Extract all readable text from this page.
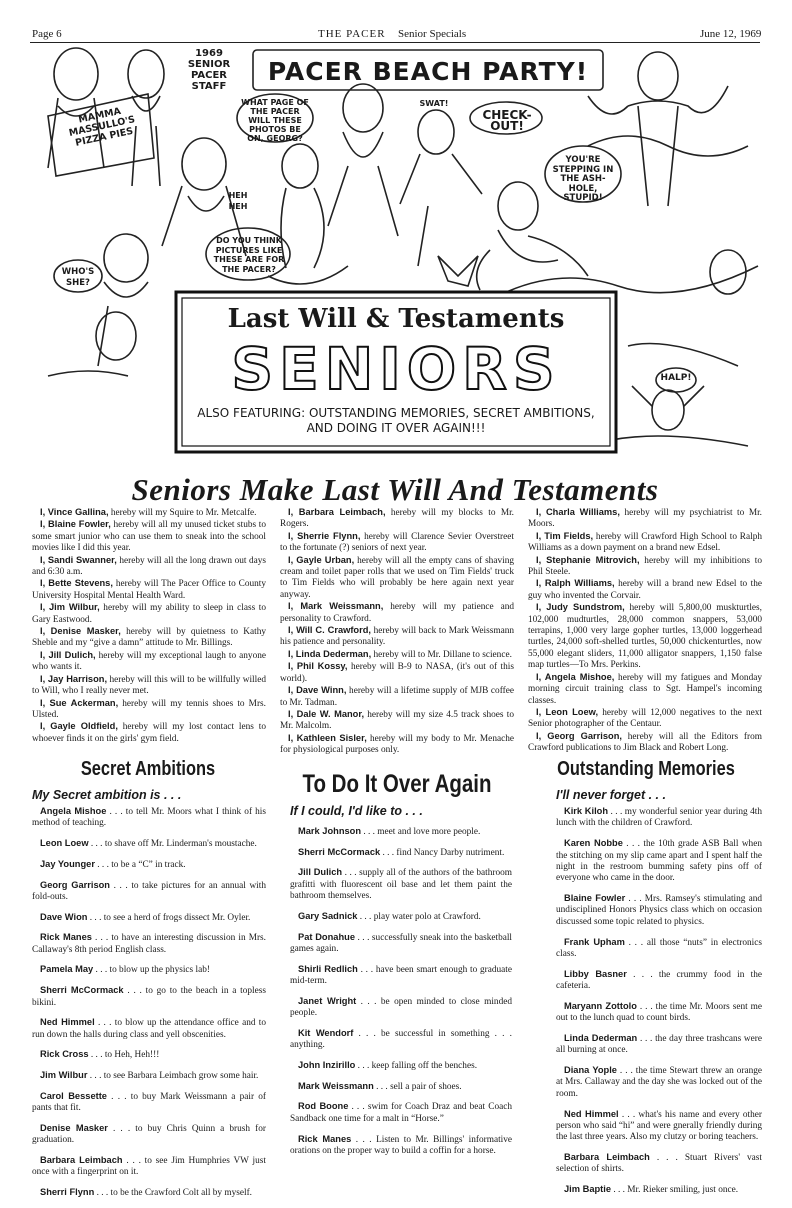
Page 6	THE PACER Senior Specials	June 12, 1969
1969 SENIOR PACER STAFF
PACER BEACH PARTY!
MAMMA MASSULLO'S PIZZA PIES
WHAT PAGE OF THE PACER WILL THESE PHOTOS BE ON, GEORG?
SWAT!
CHECK-OUT!
YOU'RE STEPPING IN THE ASH-HOLE, STUPID!
HEH HEH
DO YOU THINK PICTURES LIKE THESE ARE FOR THE PACER?
WHO'S SHE?
HALP!
Last Will & Testaments
SENIORS
ALSO FEATURING: OUTSTANDING MEMORIES, SECRET AMBITIONS, AND DOING IT OVER AGAIN!!!
Seniors Make Last Will And Testaments

I, Vince Gallina, hereby will my Squire to Mr. Metcalfe.

I, Blaine Fowler, hereby will all my unused ticket stubs to some smart junior who can use them to sneak into the school movies like I did this year.

I, Sandi Swanner, hereby will all the long drawn out days and 6:30 a.m.

I, Bette Stevens, hereby will The Pacer Office to County University Hospital Mental Health Ward.

I, Jim Wilbur, hereby will my ability to sleep in class to Gary Eastwood.

I, Denise Masker, hereby will by quietness to Kathy Sheble and my “give a damn” attitude to Mr. Billings.

I, Jill Dulich, hereby will my exceptional laugh to anyone who wants it.

I, Jay Harrison, hereby will this will to be willfully willed to Will, who I really never met.

I, Sue Ackerman, hereby will my tennis shoes to Mrs. Ulsted.

I, Gayle Oldfield, hereby will my lost contact lens to whoever finds it on the girls' gym field.

I, Barbara Leimbach, hereby will my blocks to Mr. Rogers.

I, Sherrie Flynn, hereby will Clarence Sevier Overstreet to the fortunate (?) seniors of next year.

I, Gayle Urban, hereby will all the empty cans of shaving cream and toilet paper rolls that we used on Tim Fields' truck to Tim Fields who will probably be here again next year anyway.

I, Mark Weissmann, hereby will my patience and personality to Crawford.

I, Will C. Crawford, hereby will back to Mark Weissmann his patience and personality.

I, Linda Dederman, hereby will to Mr. Dillane to science.

I, Phil Kossy, hereby will B-9 to NASA, (it's out of this world).

I, Dave Winn, hereby will a lifetime supply of MJB coffee to Mr. Tadman.

I, Dale W. Manor, hereby will my size 4.5 track shoes to Mr. Malcolm.

I, Kathleen Sisler, hereby will my body to Mr. Menache for physiological purposes only.

I, Charla Williams, hereby will my psychiatrist to Mr. Moors.

I, Tim Fields, hereby will Crawford High School to Ralph Williams as a down payment on a brand new Edsel.

I, Stephanie Mitrovich, hereby will my inhibitions to Phil Steele.

I, Ralph Williams, hereby will a brand new Edsel to the guy who invented the Corvair.

I, Judy Sundstrom, hereby will 5,800,00 muskturtles, 102,000 mudturtles, 28,000 common snappers, 53,000 terrapins, 1,000 very large gopher turtles, 13,000 loggerhead turtles, 24,000 soft-shelled turtles, 50,000 chickenturtles, now 55,000 elegant sliders, 11,000 alligator snappers, 1,150 false map turtles—To Mrs. Perkins.

I, Angela Mishoe, hereby will my fatigues and Monday morning circuit training class to Sgt. Hampel's incoming classes.

I, Leon Loew, hereby will 12,000 negatives to the next Senior photographer of the Centaur.

I, Georg Garrison, hereby will all the Editors from Crawford publications to Jim Black and Robert Long.

Secret Ambitions
My Secret ambition is . . .

Angela Mishoe . . . to tell Mr. Moors what I think of his method of teaching.

Leon Loew . . . to shave off Mr. Linderman's moustache.

Jay Younger . . . to be a “C” in track.

Georg Garrison . . . to take pictures for an annual with fold-outs.

Dave Wion . . . to see a herd of frogs dissect Mr. Oyler.

Rick Manes . . . to have an interesting discussion in Mrs. Callaway's 8th period English class.

Pamela May . . . to blow up the physics lab!

Sherri McCormack . . . to go to the beach in a topless bikini.

Ned Himmel . . . to blow up the attendance office and to run down the halls during class and yell obscenities.

Rick Cross . . . to Heh, Heh!!!

Jim Wilbur . . . to see Barbara Leimbach grow some hair.

Carol Bessette . . . to buy Mark Weissmann a pair of pants that fit.

Denise Masker . . . to buy Chris Quinn a brush for graduation.

Barbara Leimbach . . . to see Jim Humphries VW just once with a fingerprint on it.

Sherri Flynn . . . to be the Crawford Colt all by myself.

To Do It Over Again
If I could, I'd like to . . .

Mark Johnson . . . meet and love more people.

Sherri McCormack . . . find Nancy Darby nutriment.

Jill Dulich . . . supply all of the authors of the bathroom grafitti with fluorescent oil base and let them paint the bathroom themselves.

Gary Sadnick . . . play water polo at Crawford.

Pat Donahue . . . successfully sneak into the basketball games again.

Shirli Redlich . . . have been smart enough to graduate mid-term.

Janet Wright . . . be open minded to close minded people.

Kit Wendorf . . . be successful in something . . . anything.

John Inzirillo . . . keep falling off the benches.

Mark Weissmann . . . sell a pair of shoes.

Rod Boone . . . swim for Coach Draz and beat Coach Sandback one time for a malt in “Horse.”

Rick Manes . . . Listen to Mr. Billings' informative orations on the proper way to build a coffin for a horse.

Outstanding Memories
I'll never forget . . .

Kirk Kiloh . . . my wonderful senior year during 4th lunch with the children of Crawford.

Karen Nobbe . . . the 10th grade ASB Ball when the stitching on my slip came apart and I spent half the night in the restroom bumming safety pins off of everyone who came in the door.

Blaine Fowler . . . Mrs. Ramsey's stimulating and undisciplined Honors Physics class which on occasion discussed some topic related to physics.

Frank Upham . . . all those “nuts” in electronics class.

Libby Basner . . . the crummy food in the cafeteria.

Maryann Zottolo . . . the time Mr. Moors sent me out to the lunch quad to count birds.

Linda Dederman . . . the day three trashcans were all burning at once.

Diana Yople . . . the time Stewart threw an orange at Mrs. Callaway and the day she was locked out of the room.

Ned Himmel . . . what's his name and every other person who said “hi” and were gnerally friendly during the last three years. Also my clutzy or boring teachers.

Barbara Leimbach . . . Stuart Rivers' vast selection of shirts.

Jim Baptie . . . Mr. Rieker smiling, just once.
